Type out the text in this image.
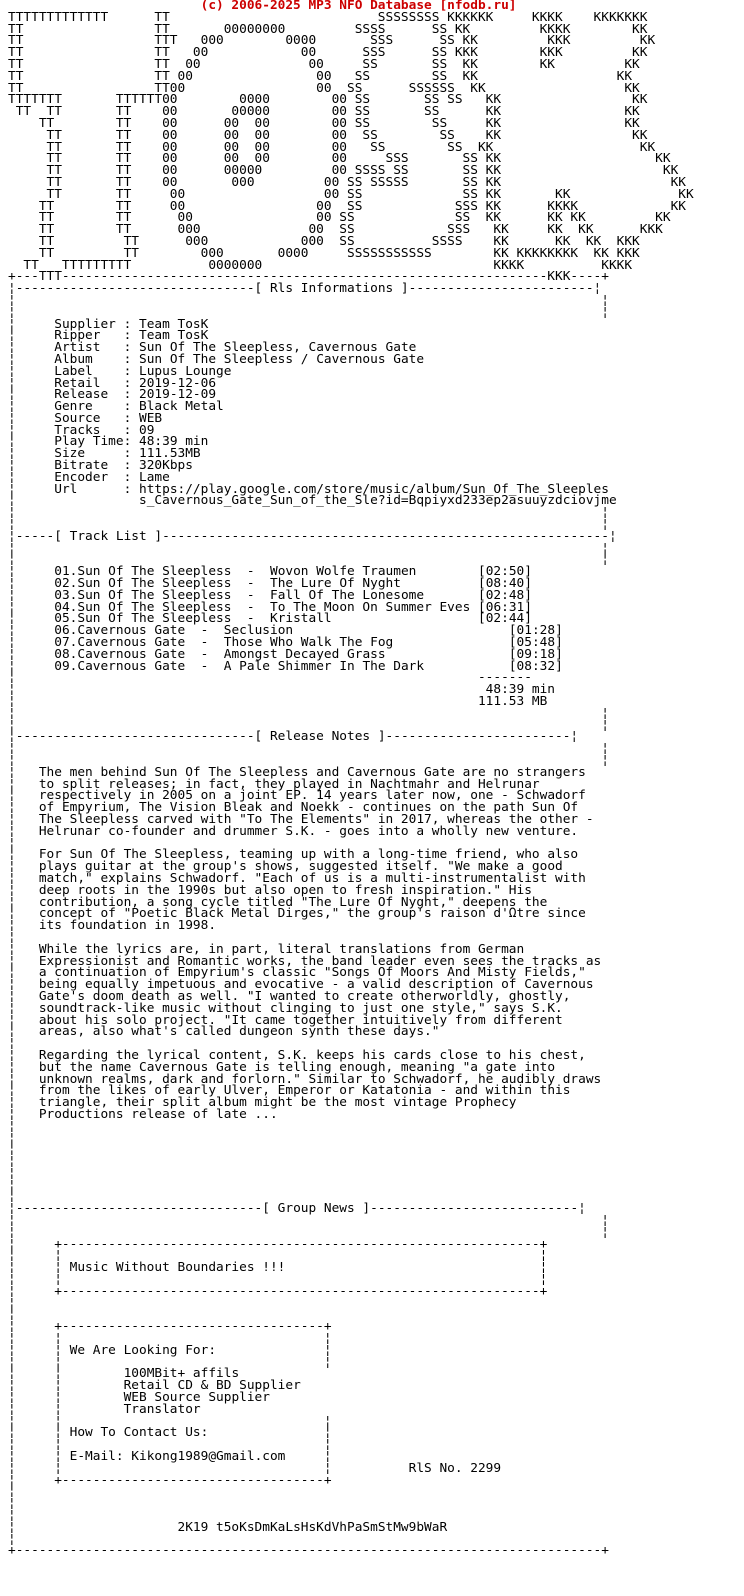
(c) 2006-2025 MP3 NFO Database [nfodb.ru]
TTTTTTTTTTTTT      TT                           SSSSSSSS KKKKKK     KKKK    KKKKKKK
TT                 TT       00000000         SSSS      SS KK         KKKK        KK
TT                 TTT   000        0000       SSS      SS KK         KKK         KK
TT                 TT   00            00      SSS      SS KKK        KKK         KK
TT                 TT  00              00     SS       SS  KK        KK         KK
TT                 TT 00                00   SS        SS  KK                  KK
TT                 TT00                 00  SS      SSSSSS  KK                  KK
TTTTTTT       TTTTTT00        0000        00 SS       SS SS   KK                 KK
TT  TT       TT    00       00000        00 SS       SS      KK                KK
TT        TT    00      00  00        00 SS        SS     KK                KK
TT       TT    00      00  00        00  SS        SS    KK                 KK
TT       TT    00      00  00        00   SS        SS  KK                   KK
TT       TT    00      00  00        00     SSS       SS KK                    KK
TT       TT    00      00000         00 SSSS SS       SS KK                     KK
TT       TT    00       000         00 SS SSSSS       SS KK                      KK
TT       TT     00                  00 SS             SS KK       KK              KK
TT        TT     00                 00  SS            SSS KK      KKKK            KK
TT        TT      00                00 SS             SS  KK      KK KK         KK
TT        TT      000              00  SS            SSS   KK     KK  KK      KKK
TT         TT      000            000  SS          SSSS    KK      KK  KK  KKK
TT         TT        000       0000     SSSSSSSSSSS        KK KKKKKKKK  KK KKK
TT   TTTTTTTTT          0000000                              KKKK          KKKK
+---TTT---------------------------------------------------------------KKK----+
¦-------------------------------[ Rls Informations ]------------------------¦
¦                                                                            ¦
¦                                                                            ¦
¦	Supplier : Team TosK
¦	Ripper   : Team TosK
¦	Artist   : Sun Of The Sleepless, Cavernous Gate
¦	Album    : Sun Of The Sleepless / Cavernous Gate
¦	Label    : Lupus Lounge
¦	Retail   : 2019-12-06
¦	Release  : 2019-12-09
¦	Genre    : Black Metal
¦	Source   : WEB
¦	Tracks   : 09
¦	Play Time: 48:39 min
¦	Size     : 111.53MB
¦	Bitrate  : 320Kbps
¦	Encoder  : Lame
¦	Url      : https://play.google.com/store/music/album/Sun_Of_The_Sleeples
¦	s_Cavernous_Gate_Sun_of_the_Sle?id=Bqpiyxd233ep2asuuyzdciovjme
¦                                                                            ¦
¦                                                                            ¦
¦-----[ Track List ]----------------------------------------------------------¦
¦                                                                            ¦
¦                                                                            ¦
¦	01.Sun Of The Sleepless  -  Wovon Wolfe Traumen	[02:50]
¦	02.Sun Of The Sleepless  -  The Lure Of Nyght	[08:40]
¦	03.Sun Of The Sleepless  -  Fall Of The Lonesome	[02:48]
¦	04.Sun Of The Sleepless  -  To The Moon On Summer Eves [06:31]
¦	05.Sun Of The Sleepless  -  Kristall	[02:44]
¦	06.Cavernous Gate  -  Seclusion	[01:28]
¦	07.Cavernous Gate  -  Those Who Walk The Fog	[05:48]
¦	08.Cavernous Gate  -  Amongst Decayed Grass	[09:18]
¦	09.Cavernous Gate  -  A Pale Shimmer In The Dark	[08:32]
¦                                                            -------
¦	48:39 min
¦	111.53 MB
¦                                                                            ¦
¦                                                                            ¦
¦-------------------------------[ Release Notes ]------------------------¦
¦                                                                            ¦
¦                                                                            ¦
¦   The men behind Sun Of The Sleepless and Cavernous Gate are no strangers
¦   to split releases; in fact, they played in Nachtmahr and Helrunar
¦   respectively in 2005 on a joint EP. 14 years later now, one - Schwadorf
¦   of Empyrium, The Vision Bleak and Noekk - continues on the path Sun Of
¦   The Sleepless carved with "To The Elements" in 2017, whereas the other -
¦   Helrunar co-founder and drummer S.K. - goes into a wholly new venture.
¦
¦   For Sun Of The Sleepless, teaming up with a long-time friend, who also
¦   plays guitar at the group's shows, suggested itself. "We make a good
¦   match," explains Schwadorf. "Each of us is a multi-instrumentalist with
¦   deep roots in the 1990s but also open to fresh inspiration." His
¦   contribution, a song cycle titled "The Lure Of Nyght," deepens the
¦   concept of "Poetic Black Metal Dirges," the group's raison d'Ωtre since
¦   its foundation in 1998.
¦
¦   While the lyrics are, in part, literal translations from German
¦   Expressionist and Romantic works, the band leader even sees the tracks as
¦   a continuation of Empyrium's classic "Songs Of Moors And Misty Fields,"
¦   being equally impetuous and evocative - a valid description of Cavernous
¦   Gate's doom death as well. "I wanted to create otherworldly, ghostly,
¦   soundtrack-like music without clinging to just one style," says S.K.
¦   about his solo project. "It came together intuitively from different
¦   areas, also what's called dungeon synth these days."
¦
¦   Regarding the lyrical content, S.K. keeps his cards close to his chest,
¦   but the name Cavernous Gate is telling enough, meaning "a gate into
¦   unknown realms, dark and forlorn." Similar to Schwadorf, he audibly draws
¦   from the likes of early Ulver, Emperor or Katatonia - and within this
¦   triangle, their split album might be the most vintage Prophecy
¦   Productions release of late ...
¦
¦
¦
¦
¦
¦
¦
¦--------------------------------[ Group News ]---------------------------¦
¦                                                                            ¦
¦                                                                            ¦
¦     +--------------------------------------------------------------+
¦     ¦                                                              ¦
¦     ¦ Music Without Boundaries !!!	¦
¦     ¦                                                              ¦
¦     +--------------------------------------------------------------+
¦
¦
¦     +----------------------------------+
¦     ¦                                  ¦
¦     ¦ We Are Looking For:	¦
¦     ¦                                  ¦
¦     ¦	100MBit+ affils
¦     ¦	Retail CD & BD Supplier
¦     ¦	WEB Source Supplier
¦     ¦	Translator
¦     ¦                                  ¦
¦     ¦ How To Contact Us:	¦
¦     ¦                                  ¦
¦     ¦ E-Mail: Kikong1989@Gmail.com	¦
¦     ¦                                  ¦	RlS No. 2299
¦     +----------------------------------+
¦
¦
¦
¦	2K19 t5oKsDmKaLsHsKdVhPaSmStMw9bWaR
¦
+----------------------------------------------------------------------------+
